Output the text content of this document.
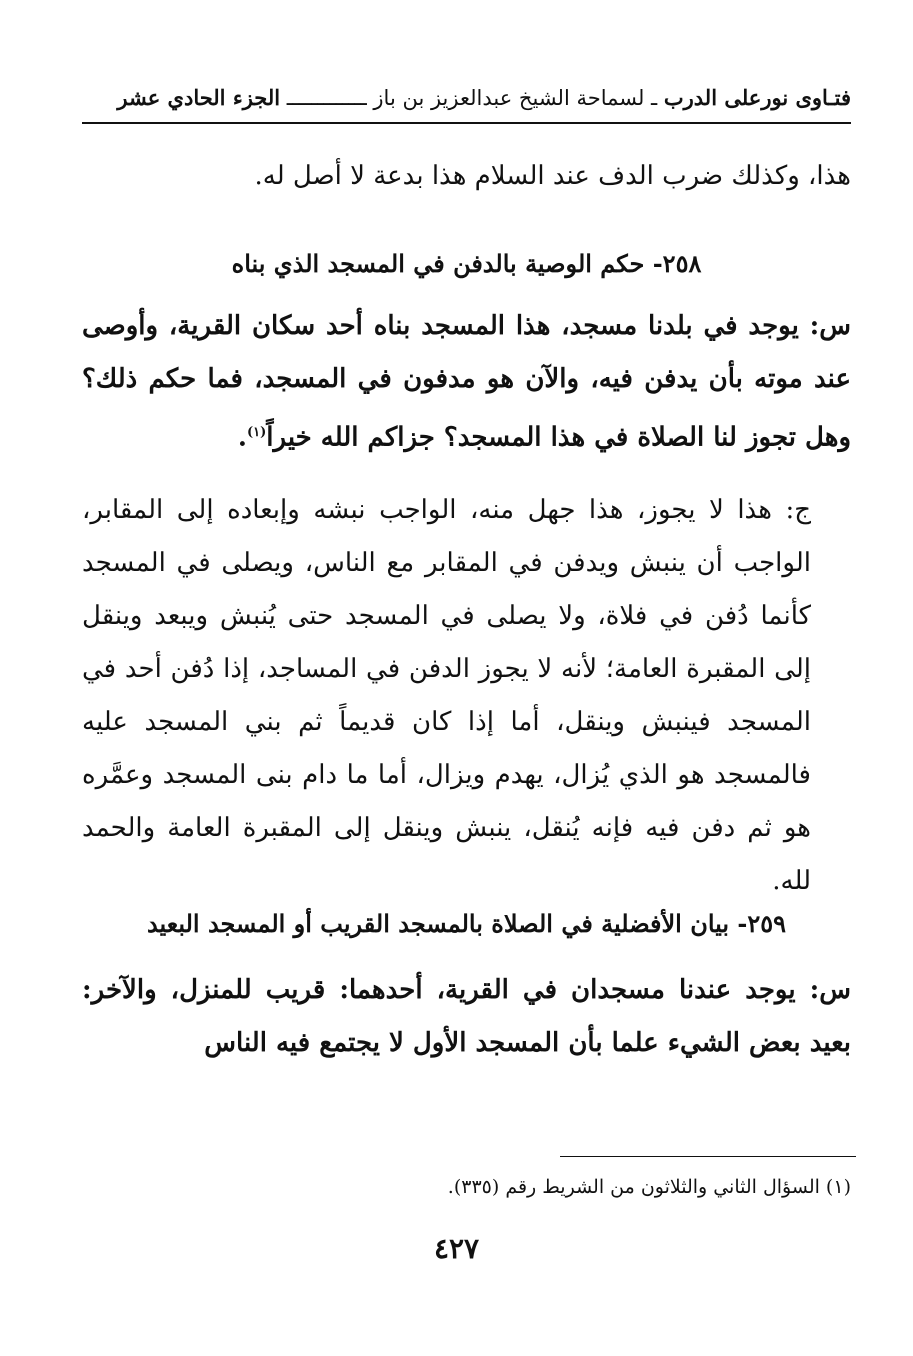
فتـاوى نورعلى الدرب ـ لسماحة الشيخ عبدالعزيز بن باز ـــــــــــــ الجزء الحادي عشر
هذا، وكذلك ضرب الدف عند السلام هذا بدعة لا أصل له.
٢٥٨- حكم الوصية بالدفن في المسجد الذي بناه
س: يوجد في بلدنا مسجد، هذا المسجد بناه أحد سكان القرية، وأوصى عند موته بأن يدفن فيه، والآن هو مدفون في المسجد، فما حكم ذلك؟ وهل تجوز لنا الصلاة في هذا المسجد؟ جزاكم الله خيراً$^{(١)}$.
ج: هذا لا يجوز، هذا جهل منه، الواجب نبشه وإبعاده إلى المقابر، الواجب أن ينبش ويدفن في المقابر مع الناس، ويصلى في المسجد كأنما دُفن في فلاة، ولا يصلى في المسجد حتى يُنبش ويبعد وينقل إلى المقبرة العامة؛ لأنه لا يجوز الدفن في المساجد، إذا دُفن أحد في المسجد فينبش وينقل، أما إذا كان قديماً ثم بني المسجد عليه فالمسجد هو الذي يُزال، يهدم ويزال، أما ما دام بنى المسجد وعمَّره هو ثم دفن فيه فإنه يُنقل، ينبش وينقل إلى المقبرة العامة والحمد لله.
٢٥٩- بيان الأفضلية في الصلاة بالمسجد القريب أو المسجد البعيد
س: يوجد عندنا مسجدان في القرية، أحدهما: قريب للمنزل، والآخر: بعيد بعض الشيء علما بأن المسجد الأول لا يجتمع فيه الناس
(١) السؤال الثاني والثلاثون من الشريط رقم (٣٣٥).
٤٢٧
